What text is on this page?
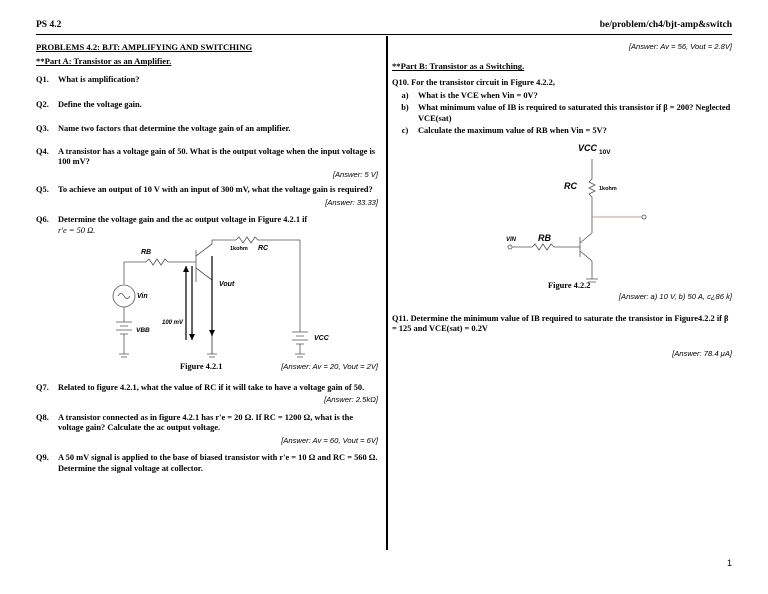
PS 4.2	be/problem/ch4/bjt-amp&switch
PROBLEMS 4.2: BJT: AMPLIFYING AND SWITCHING
**Part A: Transistor as an Amplifier.
Q1.	What is amplification?
Q2.	Define the voltage gain.
Q3.	Name two factors that determine the voltage gain of an amplifier.
Q4.	A transistor has a voltage gain of 50. What is the output voltage when the input voltage is 100 mV?
[Answer: 5 V]
Q5.	To achieve an output of 10 V with an input of 300 mV, what the voltage gain is required?
[Answer: 33.33]
Q6.	Determine the voltage gain and the ac output voltage in Figure 4.2.1 if
r'e = 50 Ω.
RB	1kohm RC
Vin
Vout
100 mV
VBB
VCC
Figure 4.2.1	[Answer: Av = 20, Vout = 2V]
Q7.	Related to figure 4.2.1, what the value of RC if it will take to have a voltage gain of 50.
[Answer: 2.5kΩ]
Q8.	A transistor connected as in figure 4.2.1 has r'e = 20 Ω. If RC = 1200 Ω, what is the voltage gain? Calculate the ac output voltage.
[Answer: Av = 60, Vout = 6V]
Q9.	A 50 mV signal is applied to the base of biased transistor with r'e = 10 Ω and RC = 560 Ω. Determine the signal voltage at collector.
[Answer: Av = 56, Vout = 2.8V]
**Part B: Transistor as a Switching.
Q10. For the transistor circuit in Figure 4.2.2,
a)	What is the VCE when Vin = 0V?
b)	What minimum value of IB is required to saturated this transistor if β = 200? Neglected VCE(sat)
c)	Calculate the maximum value of RB when Vin = 5V?
VCC 10V
RC	1kohm
RB
VIN
Figure 4.2.2
[Answer: a) 10 V, b) 50 A, c¿86 k]
Q11. Determine the minimum value of IB required to saturate the transistor in Figure4.2.2 if β = 125 and VCE(sat) = 0.2V
[Answer: 78.4 μA]
1
